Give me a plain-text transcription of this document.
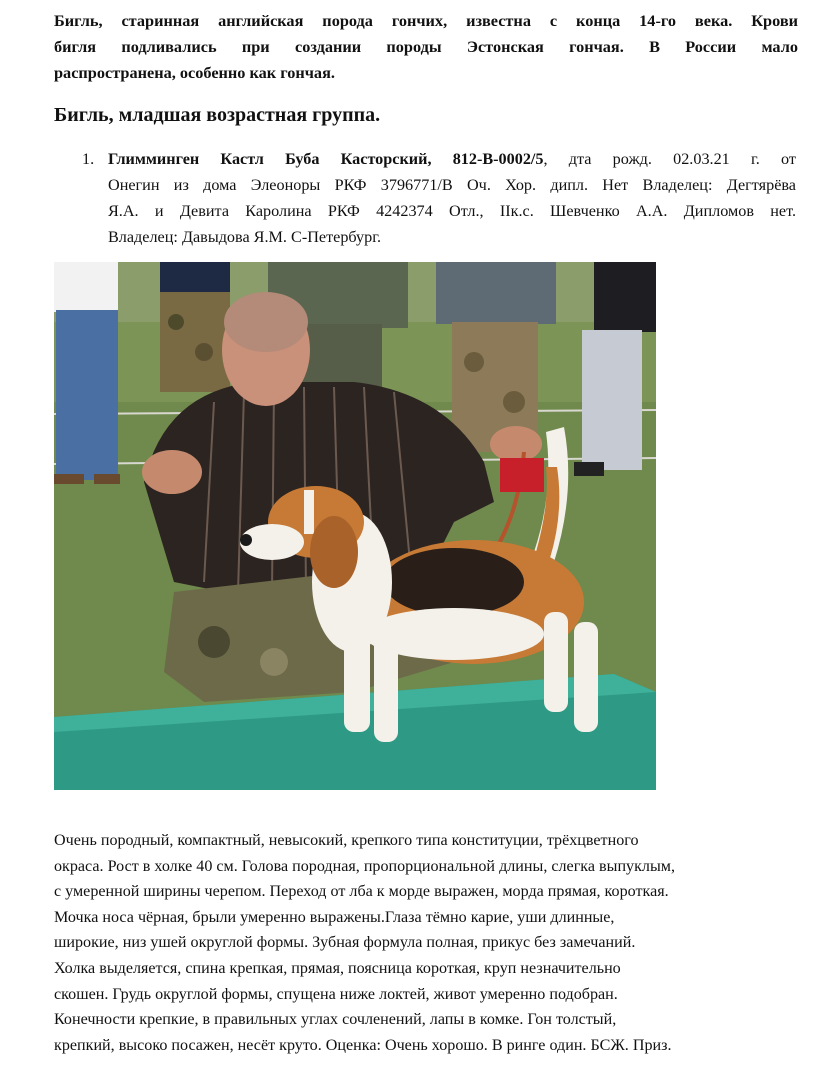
Бигль, старинная английская порода гончих, известна с конца 14-го века. Крови
бигля подливались при создании породы Эстонская гончая. В России мало
распространена, особенно как гончая.
Бигль, младшая возрастная группа.
1. Глимминген Кастл Буба Касторский, 812-B-0002/5, дта рожд. 02.03.21 г. от
Онегин из дома Элеоноры РКФ 3796771/В Оч. Хор. дипл. Нет Владелец: Дегтярёва
Я.А. и Девита Каролина РКФ 4242374 Отл., IIк.с. Шевченко А.А. Дипломов нет.
Владелец: Давыдова Я.М. С-Петербург.
Очень породный, компактный, невысокий, крепкого типа конституции, трёхцветного
окраса. Рост в холке 40 см. Голова породная, пропорциональной длины, слегка выпуклым,
с умеренной ширины черепом. Переход от лба к морде выражен, морда прямая, короткая.
Мочка носа чёрная, брыли умеренно выражены.Глаза тёмно карие, уши длинные,
широкие, низ ушей округлой формы. Зубная формула полная, прикус без замечаний.
Холка выделяется, спина крепкая, прямая, поясница короткая, круп незначительно
скошен. Грудь округлой формы, спущена ниже локтей, живот умеренно подобран.
Конечности крепкие, в правильных углах сочленений, лапы в комке. Гон толстый,
крепкий, высоко посажен, несёт круто. Оценка: Очень хорошо. В ринге один. БСЖ. Приз.
